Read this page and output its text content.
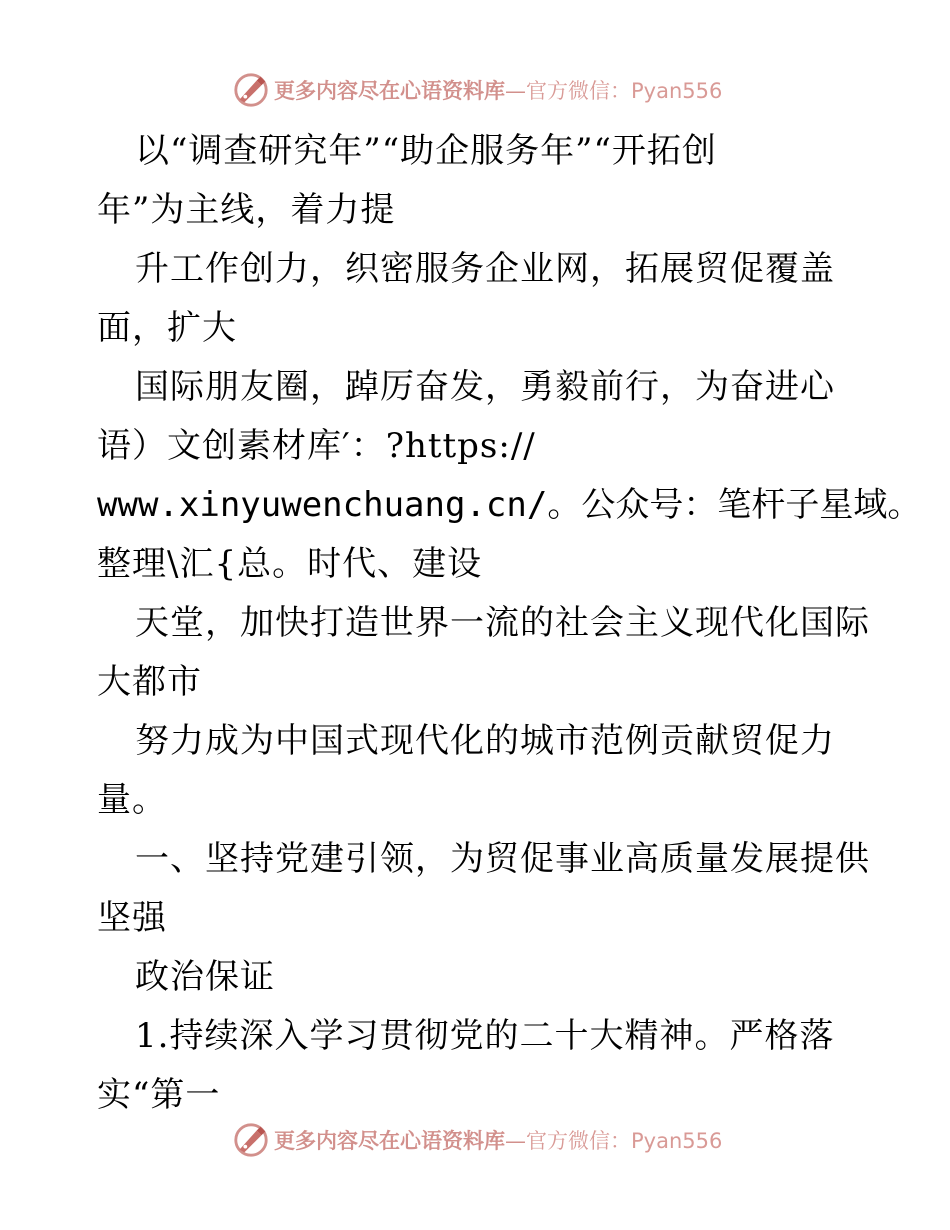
更多内容尽在心语资料库—官方微信：Pyan556
以“调查研究年”“助企服务年”“开拓创
年”为主线，着力提
升工作创力，织密服务企业网，拓展贸促覆盖
面，扩大
国际朋友圈，踔厉奋发，勇毅前行，为奋进心
语）文创素材库′：?https://
www.xinyuwenchuang.cn/。公众号：笔杆子星域。
整理\汇{总。时代、建设
天堂，加快打造世界一流的社会主义现代化国际
大都市
努力成为中国式现代化的城市范例贡献贸促力
量。
一、坚持党建引领，为贸促事业高质量发展提供
坚强
政治保证
1.持续深入学习贯彻党的二十大精神。严格落
实“第一
更多内容尽在心语资料库—官方微信：Pyan556
